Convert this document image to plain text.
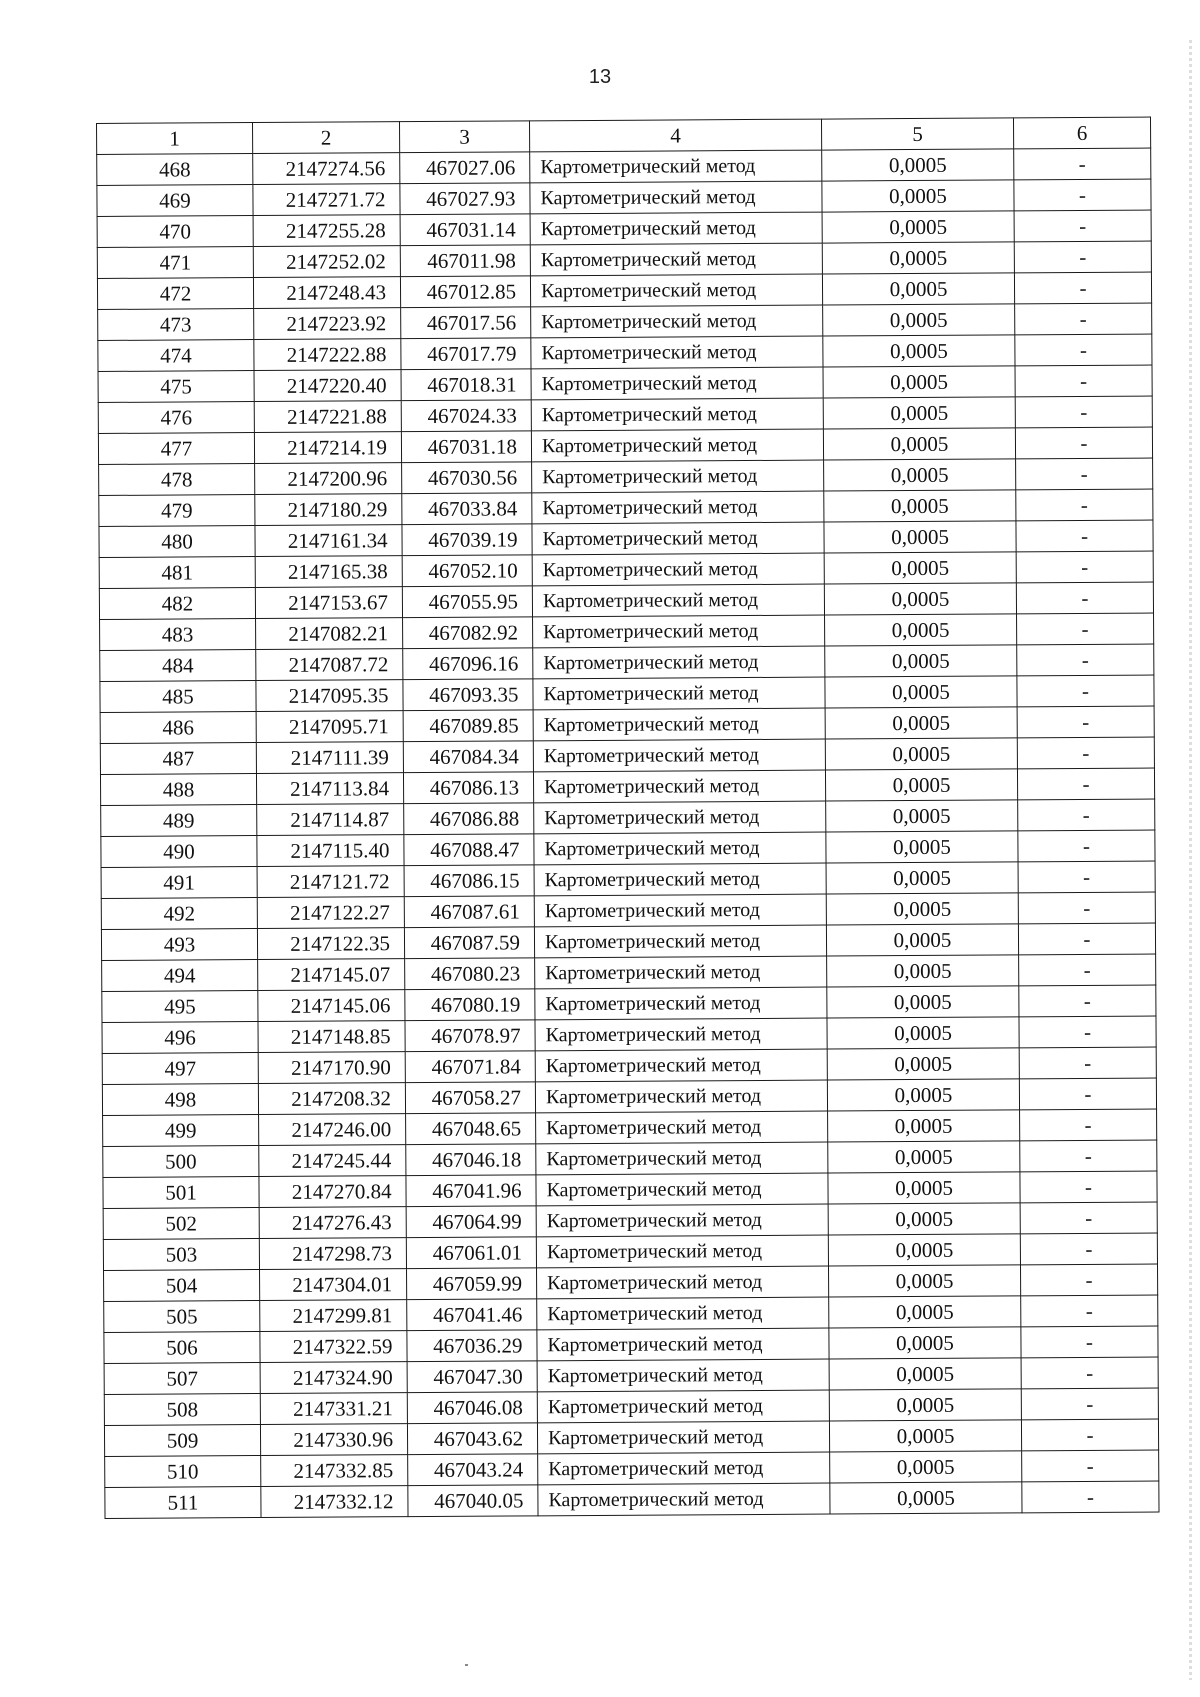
13
1	2	3	4	5	6
468	2147274.56	467027.06	Картометрический метод	0,0005	-
469	2147271.72	467027.93	Картометрический метод	0,0005	-
470	2147255.28	467031.14	Картометрический метод	0,0005	-
471	2147252.02	467011.98	Картометрический метод	0,0005	-
472	2147248.43	467012.85	Картометрический метод	0,0005	-
473	2147223.92	467017.56	Картометрический метод	0,0005	-
474	2147222.88	467017.79	Картометрический метод	0,0005	-
475	2147220.40	467018.31	Картометрический метод	0,0005	-
476	2147221.88	467024.33	Картометрический метод	0,0005	-
477	2147214.19	467031.18	Картометрический метод	0,0005	-
478	2147200.96	467030.56	Картометрический метод	0,0005	-
479	2147180.29	467033.84	Картометрический метод	0,0005	-
480	2147161.34	467039.19	Картометрический метод	0,0005	-
481	2147165.38	467052.10	Картометрический метод	0,0005	-
482	2147153.67	467055.95	Картометрический метод	0,0005	-
483	2147082.21	467082.92	Картометрический метод	0,0005	-
484	2147087.72	467096.16	Картометрический метод	0,0005	-
485	2147095.35	467093.35	Картометрический метод	0,0005	-
486	2147095.71	467089.85	Картометрический метод	0,0005	-
487	2147111.39	467084.34	Картометрический метод	0,0005	-
488	2147113.84	467086.13	Картометрический метод	0,0005	-
489	2147114.87	467086.88	Картометрический метод	0,0005	-
490	2147115.40	467088.47	Картометрический метод	0,0005	-
491	2147121.72	467086.15	Картометрический метод	0,0005	-
492	2147122.27	467087.61	Картометрический метод	0,0005	-
493	2147122.35	467087.59	Картометрический метод	0,0005	-
494	2147145.07	467080.23	Картометрический метод	0,0005	-
495	2147145.06	467080.19	Картометрический метод	0,0005	-
496	2147148.85	467078.97	Картометрический метод	0,0005	-
497	2147170.90	467071.84	Картометрический метод	0,0005	-
498	2147208.32	467058.27	Картометрический метод	0,0005	-
499	2147246.00	467048.65	Картометрический метод	0,0005	-
500	2147245.44	467046.18	Картометрический метод	0,0005	-
501	2147270.84	467041.96	Картометрический метод	0,0005	-
502	2147276.43	467064.99	Картометрический метод	0,0005	-
503	2147298.73	467061.01	Картометрический метод	0,0005	-
504	2147304.01	467059.99	Картометрический метод	0,0005	-
505	2147299.81	467041.46	Картометрический метод	0,0005	-
506	2147322.59	467036.29	Картометрический метод	0,0005	-
507	2147324.90	467047.30	Картометрический метод	0,0005	-
508	2147331.21	467046.08	Картометрический метод	0,0005	-
509	2147330.96	467043.62	Картометрический метод	0,0005	-
510	2147332.85	467043.24	Картометрический метод	0,0005	-
511	2147332.12	467040.05	Картометрический метод	0,0005	-
